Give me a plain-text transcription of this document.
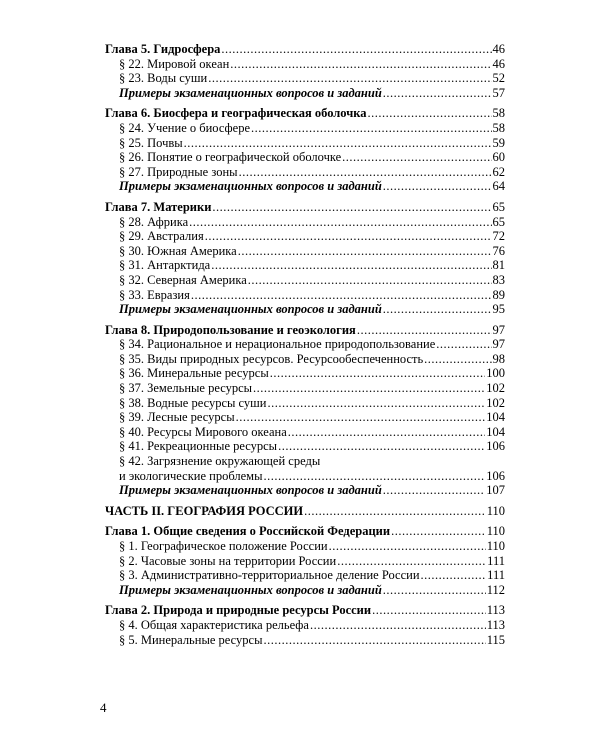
Глава 5. Гидросфера .....	46
§ 22. Мировой океан .....	46
§ 23. Воды суши .....	52
Примеры экзаменационных вопросов и заданий .....	57
Глава 6. Биосфера и географическая оболочка .....	58
§ 24. Учение о биосфере .....	58
§ 25. Почвы .....	59
§ 26. Понятие о географической оболочке .....	60
§ 27. Природные зоны .....	62
Примеры экзаменационных вопросов и заданий .....	64
Глава 7. Материки .....	65
§ 28. Африка .....	65
§ 29. Австралия .....	72
§ 30. Южная Америка .....	76
§ 31. Антарктида .....	81
§ 32. Северная Америка .....	83
§ 33. Евразия .....	89
Примеры экзаменационных вопросов и заданий .....	95
Глава 8. Природопользование и геоэкология .....	97
§ 34. Рациональное и нерациональное природопользование .....	97
§ 35. Виды природных ресурсов. Ресурсообеспеченность .....	98
§ 36. Минеральные ресурсы .....	100
§ 37. Земельные ресурсы .....	102
§ 38. Водные ресурсы суши .....	102
§ 39. Лесные ресурсы .....	104
§ 40. Ресурсы Мирового океана .....	104
§ 41. Рекреационные ресурсы .....	106
§ 42. Загрязнение окружающей среды
и экологические проблемы .....	106
Примеры экзаменационных вопросов и заданий .....	107
ЧАСТЬ II. ГЕОГРАФИЯ РОССИИ .....	110
Глава 1. Общие сведения о Российской Федерации .....	110
§ 1. Географическое положение России .....	110
§ 2. Часовые зоны на территории России .....	111
§ 3. Административно-территориальное деление России .....	111
Примеры экзаменационных вопросов и заданий .....	112
Глава 2. Природа и природные ресурсы России .....	113
§ 4. Общая характеристика рельефа .....	113
§ 5. Минеральные ресурсы .....	115
4
